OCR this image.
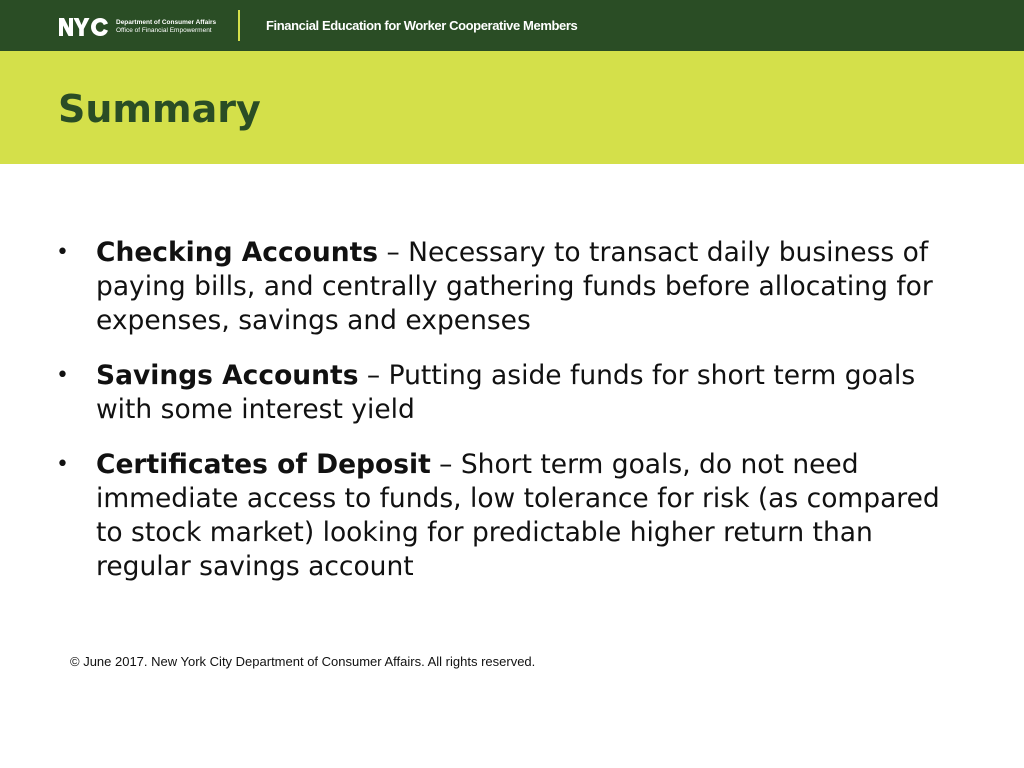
Department of Consumer Affairs
Office of Financial Empowerment	Financial Education for Worker Cooperative Members
Summary
• Checking Accounts – Necessary to transact daily business of paying bills, and centrally gathering funds before allocating for expenses, savings and expenses
• Savings Accounts – Putting aside funds for short term goals with some interest yield
• Certificates of Deposit – Short term goals, do not need immediate access to funds, low tolerance for risk (as compared to stock market) looking for predictable higher return than regular savings account
© June 2017. New York City Department of Consumer Affairs. All rights reserved.
